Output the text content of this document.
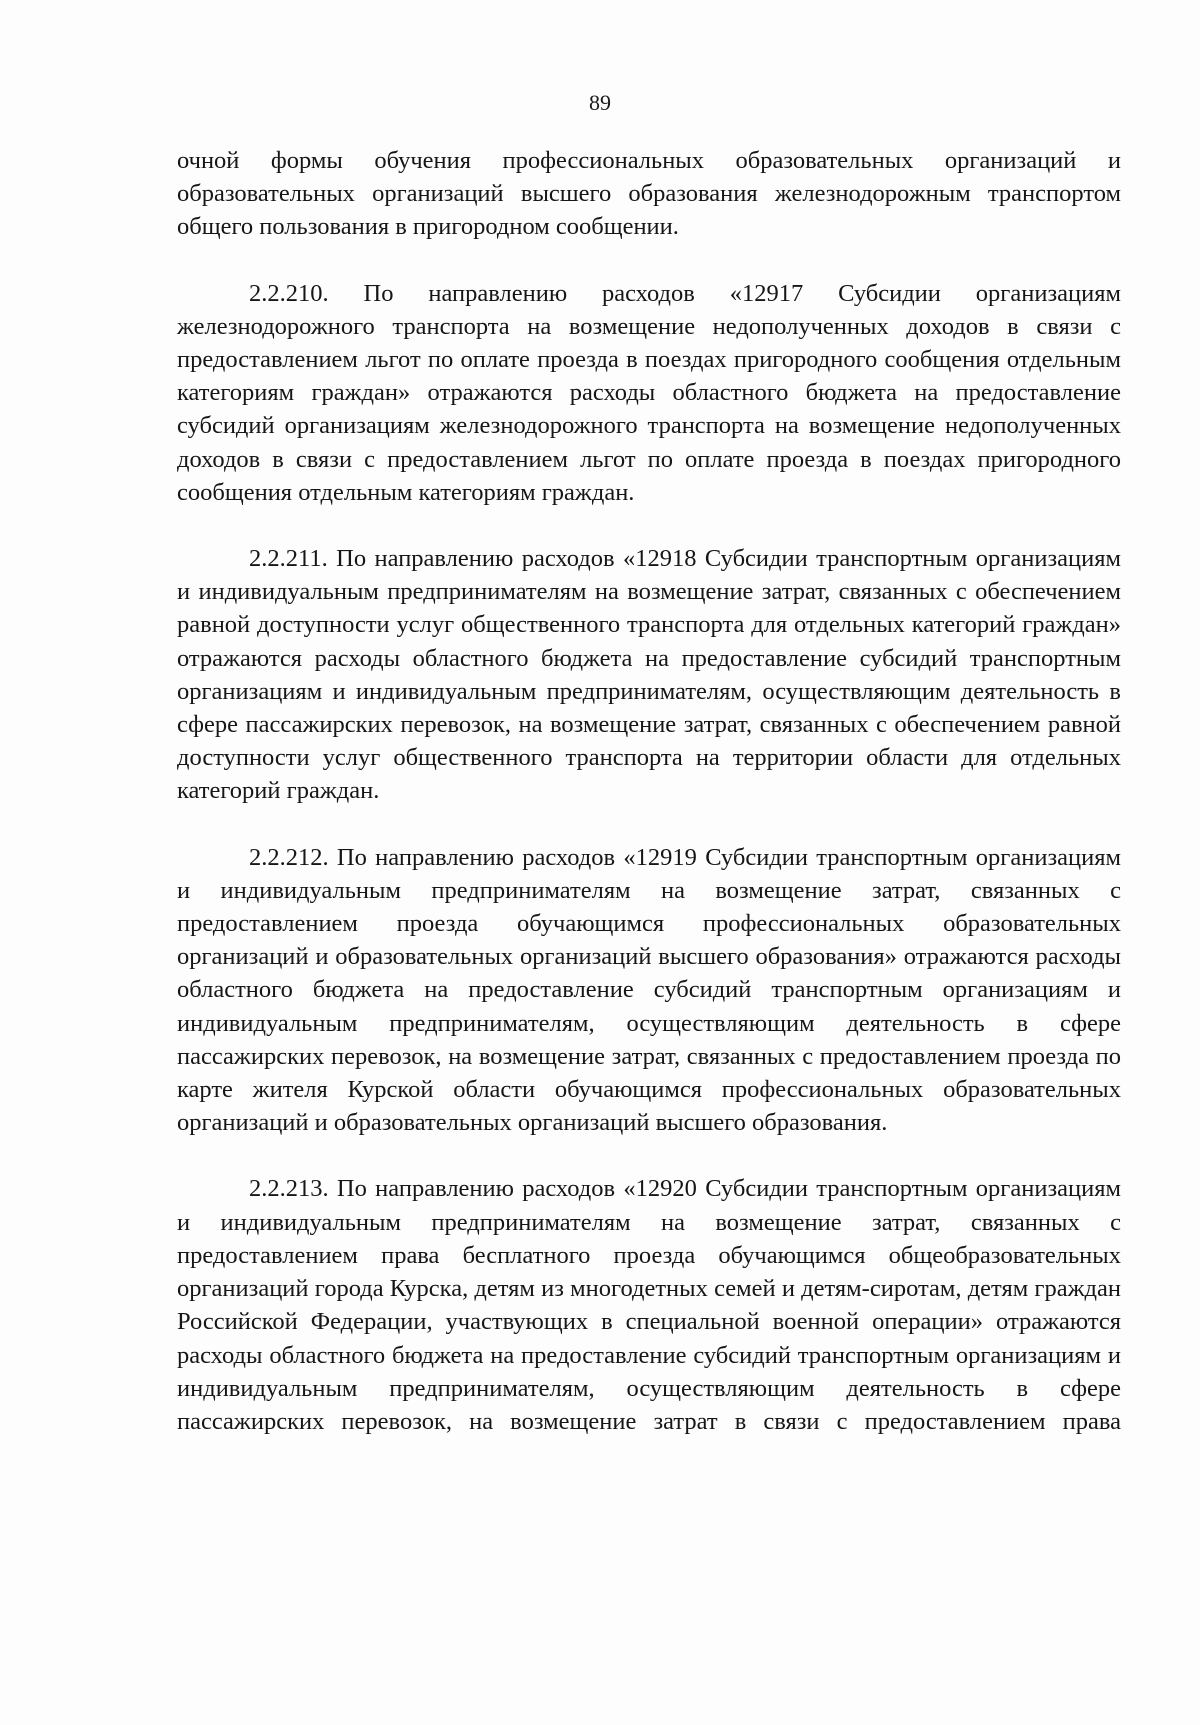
89

очной формы обучения профессиональных образовательных организаций и образовательных организаций высшего образования железнодорожным транспортом общего пользования в пригородном сообщении.

2.2.210. По направлению расходов «12917 Субсидии организациям железнодорожного транспорта на возмещение недополученных доходов в связи с предоставлением льгот по оплате проезда в поездах пригородного сообщения отдельным категориям граждан» отражаются расходы областного бюджета на предоставление субсидий организациям железнодорожного транспорта на возмещение недополученных доходов в связи с предоставлением льгот по оплате проезда в поездах пригородного сообщения отдельным категориям граждан.

2.2.211. По направлению расходов «12918 Субсидии транспортным организациям и индивидуальным предпринимателям на возмещение затрат, связанных с обеспечением равной доступности услуг общественного транспорта для отдельных категорий граждан» отражаются расходы областного бюджета на предоставление субсидий транспортным организациям и индивидуальным предпринимателям, осуществляющим деятельность в сфере пассажирских перевозок, на возмещение затрат, связанных с обеспечением равной доступности услуг общественного транспорта на территории области для отдельных категорий граждан.

2.2.212. По направлению расходов «12919 Субсидии транспортным организациям и индивидуальным предпринимателям на возмещение затрат, связанных с предоставлением проезда обучающимся профессиональных образовательных организаций и образовательных организаций высшего образования» отражаются расходы областного бюджета на предоставление субсидий транспортным организациям и индивидуальным предпринимателям, осуществляющим деятельность в сфере пассажирских перевозок, на возмещение затрат, связанных с предоставлением проезда по карте жителя Курской области обучающимся профессиональных образовательных организаций и образовательных организаций высшего образования.

2.2.213. По направлению расходов «12920 Субсидии транспортным организациям и индивидуальным предпринимателям на возмещение затрат, связанных с предоставлением права бесплатного проезда обучающимся общеобразовательных организаций города Курска, детям из многодетных семей и детям-сиротам, детям граждан Российской Федерации, участвующих в специальной военной операции» отражаются расходы областного бюджета на предоставление субсидий транспортным организациям и индивидуальным предпринимателям, осуществляющим деятельность в сфере пассажирских перевозок, на возмещение затрат в связи с предоставлением права
